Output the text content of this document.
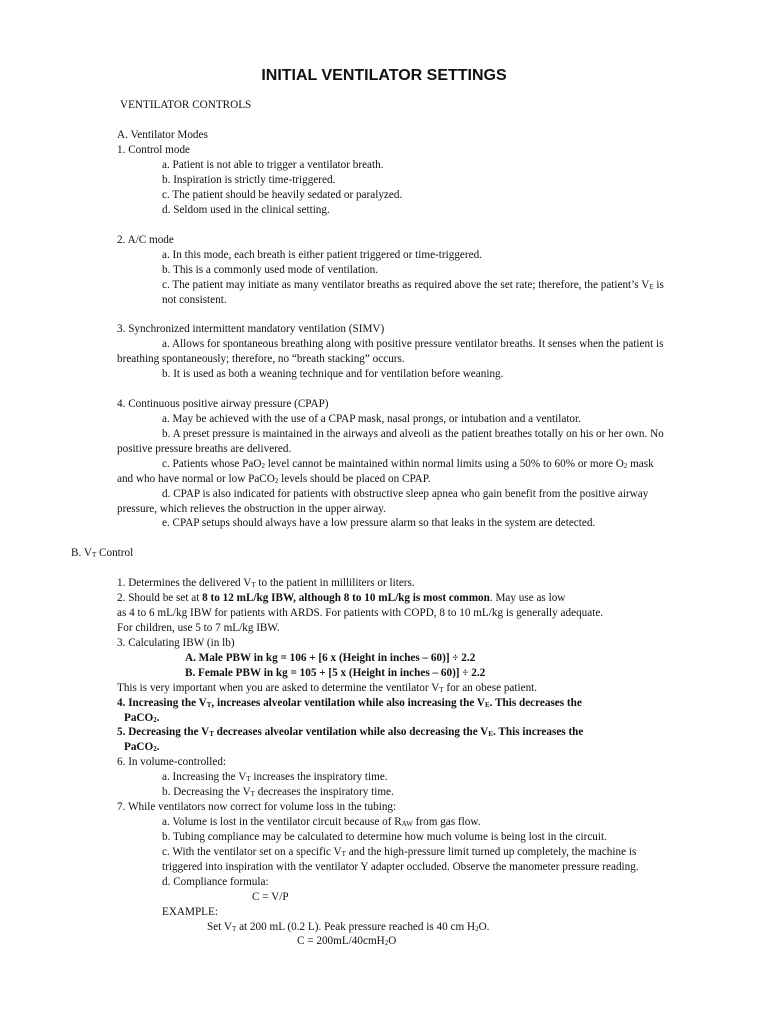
INITIAL VENTILATOR SETTINGS
VENTILATOR CONTROLS
A. Ventilator Modes
1. Control mode
a. Patient is not able to trigger a ventilator breath.
b. Inspiration is strictly time-triggered.
c. The patient should be heavily sedated or paralyzed.
d. Seldom used in the clinical setting.
2. A/C mode
a. In this mode, each breath is either patient triggered or time-triggered.
b. This is a commonly used mode of ventilation.
c. The patient may initiate as many ventilator breaths as required above the set rate; therefore, the patient’s $V_E$ is
not consistent.
3. Synchronized intermittent mandatory ventilation (SIMV)
a. Allows for spontaneous breathing along with positive pressure ventilator breaths. It senses when the patient is
breathing spontaneously; therefore, no “breath stacking” occurs.
b. It is used as both a weaning technique and for ventilation before weaning.
4. Continuous positive airway pressure (CPAP)
a. May be achieved with the use of a CPAP mask, nasal prongs, or intubation and a ventilator.
b. A preset pressure is maintained in the airways and alveoli as the patient breathes totally on his or her own. No
positive pressure breaths are delivered.
c. Patients whose PaO$_2$ level cannot be maintained within normal limits using a 50% to 60% or more $O_2$ mask
and who have normal or low PaCO$_2$ levels should be placed on CPAP.
d. CPAP is also indicated for patients with obstructive sleep apnea who gain benefit from the positive airway
pressure, which relieves the obstruction in the upper airway.
e. CPAP setups should always have a low pressure alarm so that leaks in the system are detected.
B. $V_T$ Control
1. Determines the delivered $V_T$ to the patient in milliliters or liters.
2. Should be set at 8 to 12 mL/kg IBW, although 8 to 10 mL/kg is most common. May use as low
as 4 to 6 mL/kg IBW for patients with ARDS. For patients with COPD, 8 to 10 mL/kg is generally adequate.
For children, use 5 to 7 mL/kg IBW.
3. Calculating IBW (in lb)
A. Male PBW in kg = 106 + [6 x (Height in inches – 60)] ÷ 2.2
B. Female PBW in kg = 105 + [5 x (Height in inches – 60)] ÷ 2.2
This is very important when you are asked to determine the ventilator $V_T$ for an obese patient.
4. Increasing the $V_T$, increases alveolar ventilation while also increasing the $V_E$. This decreases the
PaCO$_2$.
5. Decreasing the $V_T$ decreases alveolar ventilation while also decreasing the $V_E$. This increases the
PaCO$_2$.
6. In volume-controlled:
a. Increasing the $V_T$ increases the inspiratory time.
b. Decreasing the $V_T$ decreases the inspiratory time.
7. While ventilators now correct for volume loss in the tubing:
a. Volume is lost in the ventilator circuit because of $R_{AW}$ from gas flow.
b. Tubing compliance may be calculated to determine how much volume is being lost in the circuit.
c. With the ventilator set on a specific $V_T$ and the high-pressure limit turned up completely, the machine is
triggered into inspiration with the ventilator Y adapter occluded. Observe the manometer pressure reading.
d. Compliance formula:
C = V/P
EXAMPLE:
Set $V_T$ at 200 mL (0.2 L). Peak pressure reached is 40 cm $H_2O$.
C = 200mL/40cmH$_2$O
